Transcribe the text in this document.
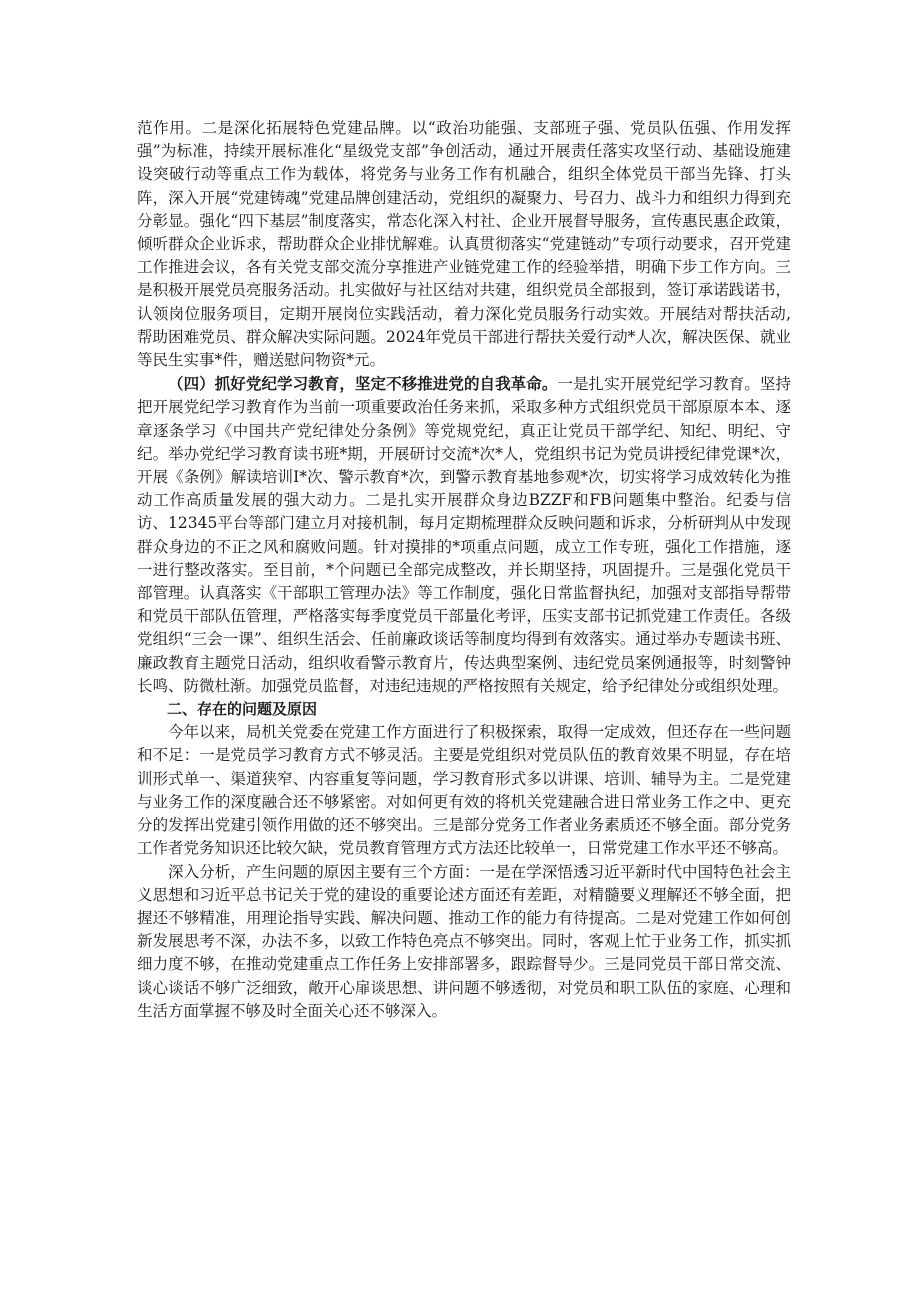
范作用。二是深化拓展特色党建品牌。以“政治功能强、支部班子强、党员队伍强、作用发挥强”为标准，持续开展标准化“星级党支部”争创活动，通过开展责任落实攻坚行动、基础设施建设突破行动等重点工作为载体，将党务与业务工作有机融合，组织全体党员干部当先锋、打头阵，深入开展“党建铸魂”党建品牌创建活动，党组织的凝聚力、号召力、战斗力和组织力得到充分彰显。强化“四下基层”制度落实，常态化深入村社、企业开展督导服务，宣传惠民惠企政策，倾听群众企业诉求，帮助群众企业排忧解难。认真贯彻落实“党建链动”专项行动要求，召开党建工作推进会议，各有关党支部交流分享推进产业链党建工作的经验举措，明确下步工作方向。三是积极开展党员亮服务活动。扎实做好与社区结对共建，组织党员全部报到，签订承诺践诺书，认领岗位服务项目，定期开展岗位实践活动，着力深化党员服务行动实效。开展结对帮扶活动,帮助困难党员、群众解决实际问题。2024年党员干部进行帮扶关爱行动*人次，解决医保、就业等民生实事*件，赠送慰问物资*元。

（四）抓好党纪学习教育，坚定不移推进党的自我革命。一是扎实开展党纪学习教育。坚持把开展党纪学习教育作为当前一项重要政治任务来抓，采取多种方式组织党员干部原原本本、逐章逐条学习《中国共产党纪律处分条例》等党规党纪，真正让党员干部学纪、知纪、明纪、守纪。举办党纪学习教育读书班*期，开展研讨交流*次*人，党组织书记为党员讲授纪律党课*次，开展《条例》解读培训I*次、警示教育*次，到警示教育基地参观*次，切实将学习成效转化为推动工作高质量发展的强大动力。二是扎实开展群众身边BZZF和FB问题集中整治。纪委与信访、12345平台等部门建立月对接机制，每月定期梳理群众反映问题和诉求，分析研判从中发现群众身边的不正之风和腐败问题。针对摸排的*项重点问题，成立工作专班，强化工作措施，逐一进行整改落实。至目前，*个问题已全部完成整改，并长期坚持，巩固提升。三是强化党员干部管理。认真落实《干部职工管理办法》等工作制度，强化日常监督执纪，加强对支部指导帮带和党员干部队伍管理，严格落实每季度党员干部量化考评，压实支部书记抓党建工作责任。各级党组织“三会一课”、组织生活会、任前廉政谈话等制度均得到有效落实。通过举办专题读书班、廉政教育主题党日活动，组织收看警示教育片，传达典型案例、违纪党员案例通报等，时刻警钟长鸣、防微杜渐。加强党员监督，对违纪违规的严格按照有关规定，给予纪律处分或组织处理。

二、存在的问题及原因

今年以来，局机关党委在党建工作方面进行了积极探索，取得一定成效，但还存在一些问题和不足：一是党员学习教育方式不够灵活。主要是党组织对党员队伍的教育效果不明显，存在培训形式单一、渠道狭窄、内容重复等问题，学习教育形式多以讲课、培训、辅导为主。二是党建与业务工作的深度融合还不够紧密。对如何更有效的将机关党建融合进日常业务工作之中、更充分的发挥出党建引领作用做的还不够突出。三是部分党务工作者业务素质还不够全面。部分党务工作者党务知识还比较欠缺，党员教育管理方式方法还比较单一，日常党建工作水平还不够高。

深入分析，产生问题的原因主要有三个方面：一是在学深悟透习近平新时代中国特色社会主义思想和习近平总书记关于党的建设的重要论述方面还有差距，对精髓要义理解还不够全面，把握还不够精准，用理论指导实践、解决问题、推动工作的能力有待提高。二是对党建工作如何创新发展思考不深，办法不多，以致工作特色亮点不够突出。同时，客观上忙于业务工作，抓实抓细力度不够，在推动党建重点工作任务上安排部署多，跟踪督导少。三是同党员干部日常交流、谈心谈话不够广泛细致，敞开心扉谈思想、讲问题不够透彻，对党员和职工队伍的家庭、心理和生活方面掌握不够及时全面关心还不够深入。
